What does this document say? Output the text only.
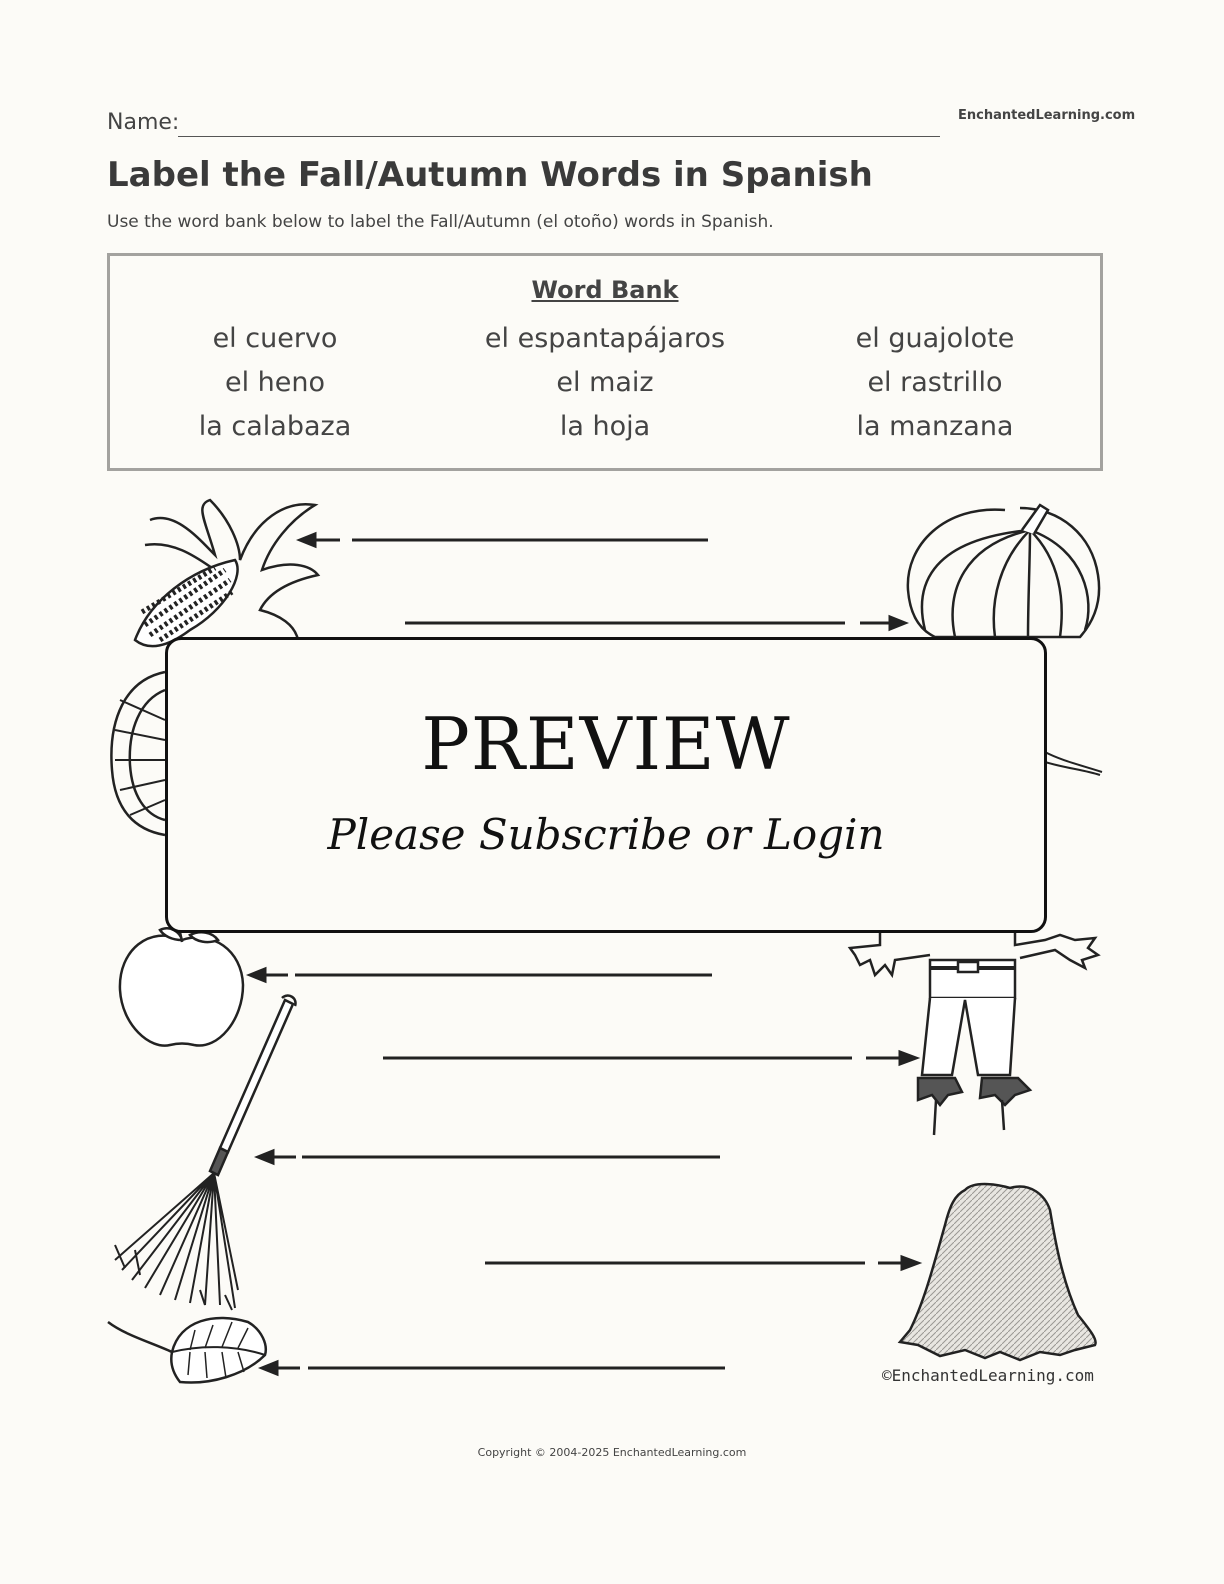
Name:	EnchantedLearning.com
Label the Fall/Autumn Words in Spanish
Use the word bank below to label the Fall/Autumn (el otoño) words in Spanish.
Word Bank
el cuervo	el espantapájaros	el guajolote
el heno	el maiz	el rastrillo
la calabaza	la hoja	la manzana
PREVIEW
Please Subscribe or Login
©EnchantedLearning.com
Copyright © 2004-2025 EnchantedLearning.com
